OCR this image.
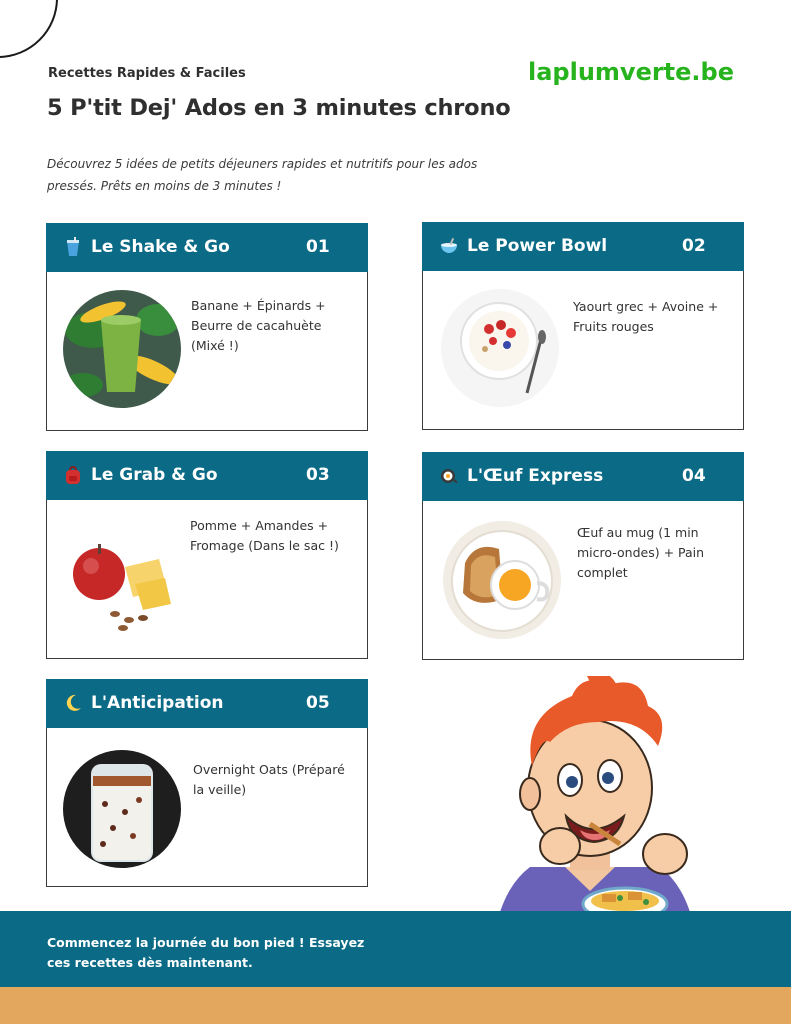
Recettes Rapides & Faciles
5 P'tit Dej' Ados en 3 minutes chrono
laplumverte.be
Découvrez 5 idées de petits déjeuners rapides et nutritifs pour les ados pressés. Prêts en moins de 3 minutes !
Le Shake & Go	01
Banane + Épinards + Beurre de cacahuète (Mixé !)
Le Power Bowl	02
Yaourt grec + Avoine + Fruits rouges
Le Grab & Go	03
Pomme + Amandes + Fromage (Dans le sac !)
L'Œuf Express	04
Œuf au mug (1 min micro-ondes) + Pain complet
L'Anticipation	05
Overnight Oats (Préparé la veille)
Commencez la journée du bon pied ! Essayez ces recettes dès maintenant.
